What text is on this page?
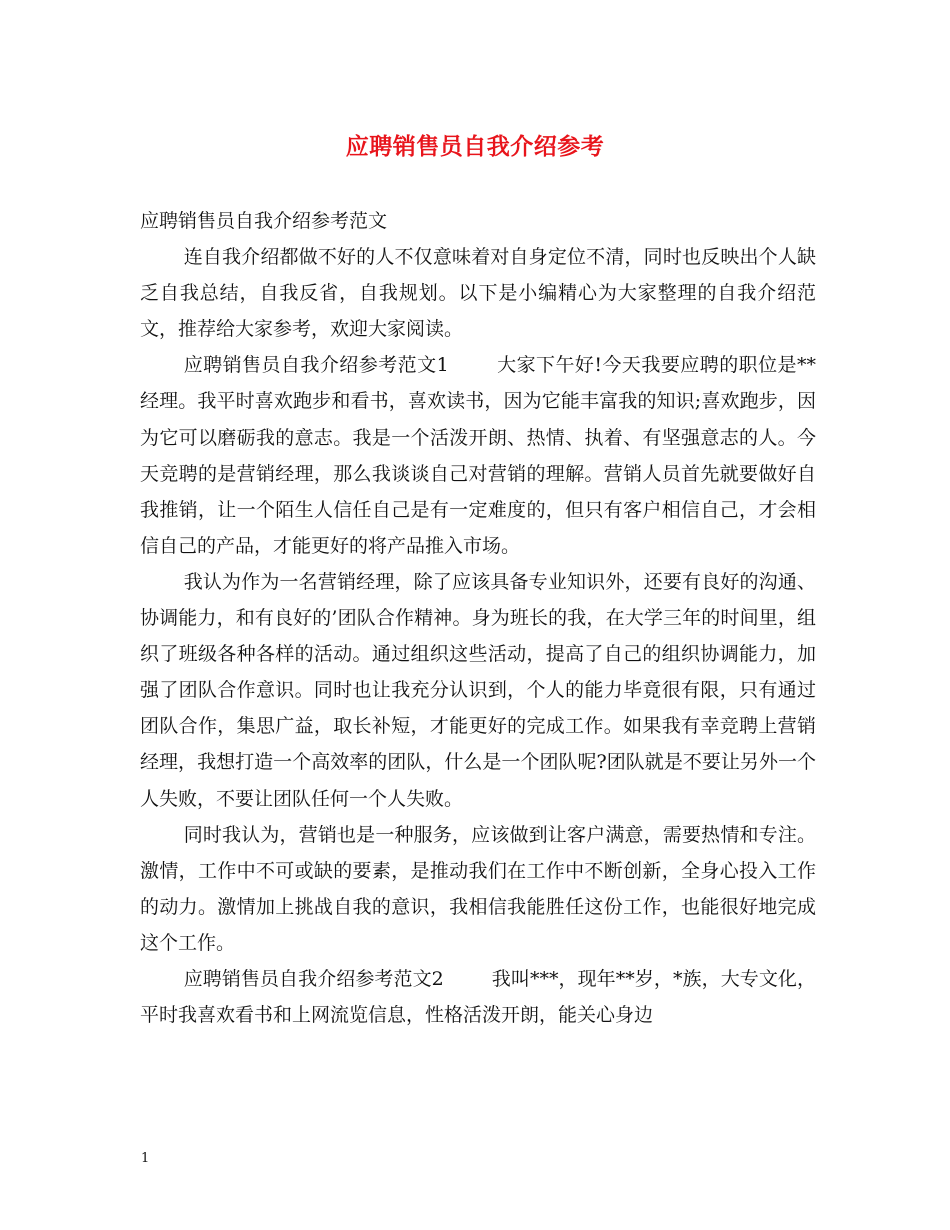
应聘销售员自我介绍参考

应聘销售员自我介绍参考范文

连自我介绍都做不好的人不仅意味着对自身定位不清，同时也反映出个人缺乏自我总结，自我反省，自我规划。以下是小编精心为大家整理的自我介绍范文，推荐给大家参考，欢迎大家阅读。

应聘销售员自我介绍参考范文1	大家下午好!今天我要应聘的职位是**经理。我平时喜欢跑步和看书，喜欢读书，因为它能丰富我的知识;喜欢跑步，因为它可以磨砺我的意志。我是一个活泼开朗、热情、执着、有坚强意志的人。今天竞聘的是营销经理，那么我谈谈自己对营销的理解。营销人员首先就要做好自我推销，让一个陌生人信任自己是有一定难度的，但只有客户相信自己，才会相信自己的产品，才能更好的将产品推入市场。

我认为作为一名营销经理，除了应该具备专业知识外，还要有良好的沟通、协调能力，和有良好的’团队合作精神。身为班长的我，在大学三年的时间里，组织了班级各种各样的活动。通过组织这些活动，提高了自己的组织协调能力，加强了团队合作意识。同时也让我充分认识到，个人的能力毕竟很有限，只有通过团队合作，集思广益，取长补短，才能更好的完成工作。如果我有幸竞聘上营销经理，我想打造一个高效率的团队，什么是一个团队呢?团队就是不要让另外一个人失败，不要让团队任何一个人失败。

同时我认为，营销也是一种服务，应该做到让客户满意，需要热情和专注。激情，工作中不可或缺的要素，是推动我们在工作中不断创新，全身心投入工作的动力。激情加上挑战自我的意识，我相信我能胜任这份工作，也能很好地完成这个工作。

应聘销售员自我介绍参考范文2	我叫***，现年**岁，*族，大专文化，平时我喜欢看书和上网流览信息，性格活泼开朗，能关心身边

1
